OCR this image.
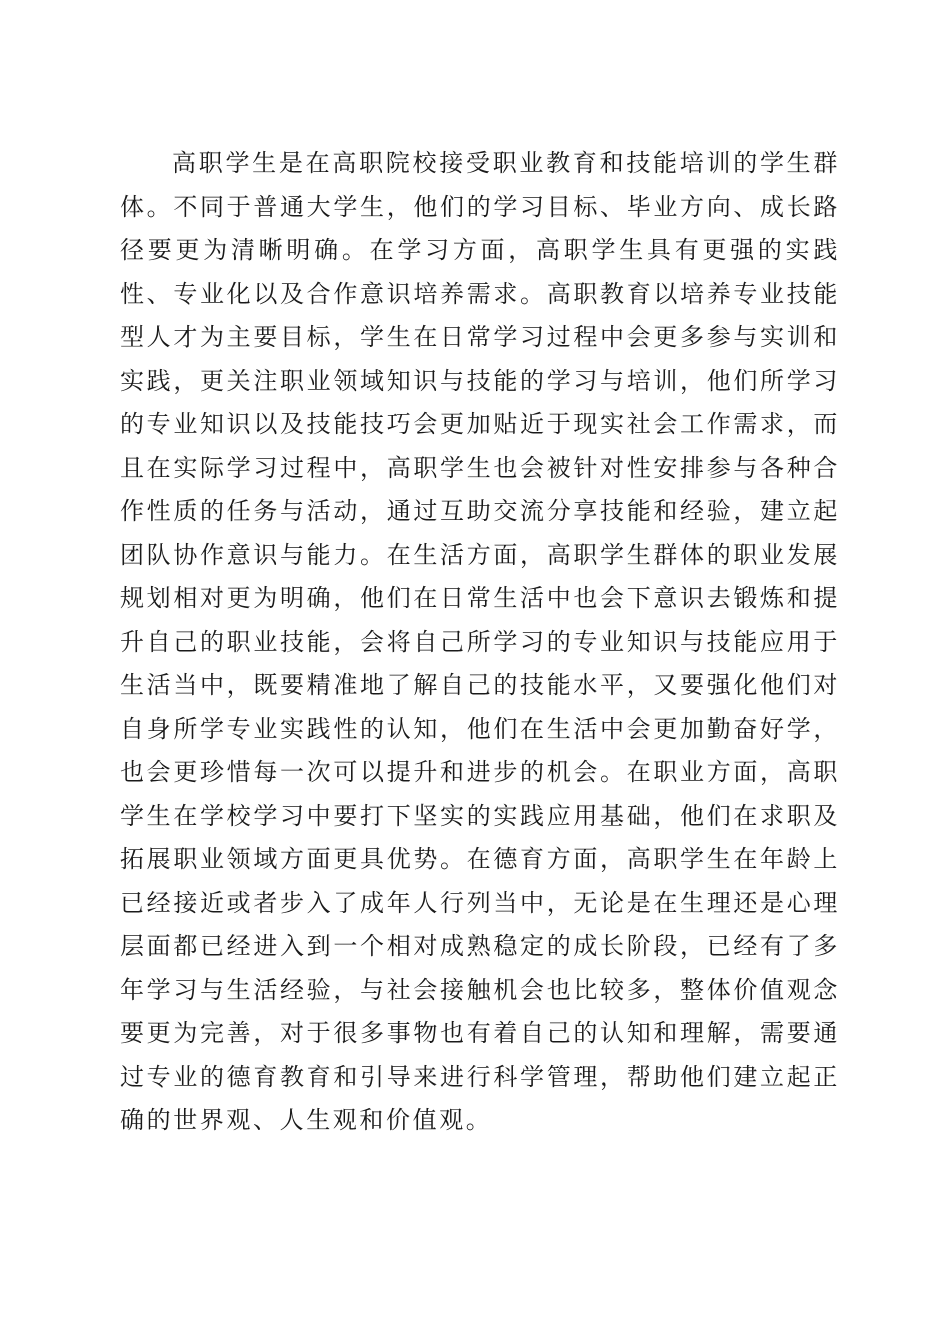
高职学生是在高职院校接受职业教育和技能培训的学生群体。不同于普通大学生，他们的学习目标、毕业方向、成长路径要更为清晰明确。在学习方面，高职学生具有更强的实践性、专业化以及合作意识培养需求。高职教育以培养专业技能型人才为主要目标，学生在日常学习过程中会更多参与实训和实践，更关注职业领域知识与技能的学习与培训，他们所学习的专业知识以及技能技巧会更加贴近于现实社会工作需求，而且在实际学习过程中，高职学生也会被针对性安排参与各种合作性质的任务与活动，通过互助交流分享技能和经验，建立起团队协作意识与能力。在生活方面，高职学生群体的职业发展规划相对更为明确，他们在日常生活中也会下意识去锻炼和提升自己的职业技能，会将自己所学习的专业知识与技能应用于生活当中，既要精准地了解自己的技能水平，又要强化他们对自身所学专业实践性的认知，他们在生活中会更加勤奋好学，也会更珍惜每一次可以提升和进步的机会。在职业方面，高职学生在学校学习中要打下坚实的实践应用基础，他们在求职及拓展职业领域方面更具优势。在德育方面，高职学生在年龄上已经接近或者步入了成年人行列当中，无论是在生理还是心理层面都已经进入到一个相对成熟稳定的成长阶段，已经有了多年学习与生活经验，与社会接触机会也比较多，整体价值观念要更为完善，对于很多事物也有着自己的认知和理解，需要通过专业的德育教育和引导来进行科学管理，帮助他们建立起正确的世界观、人生观和价值观。
